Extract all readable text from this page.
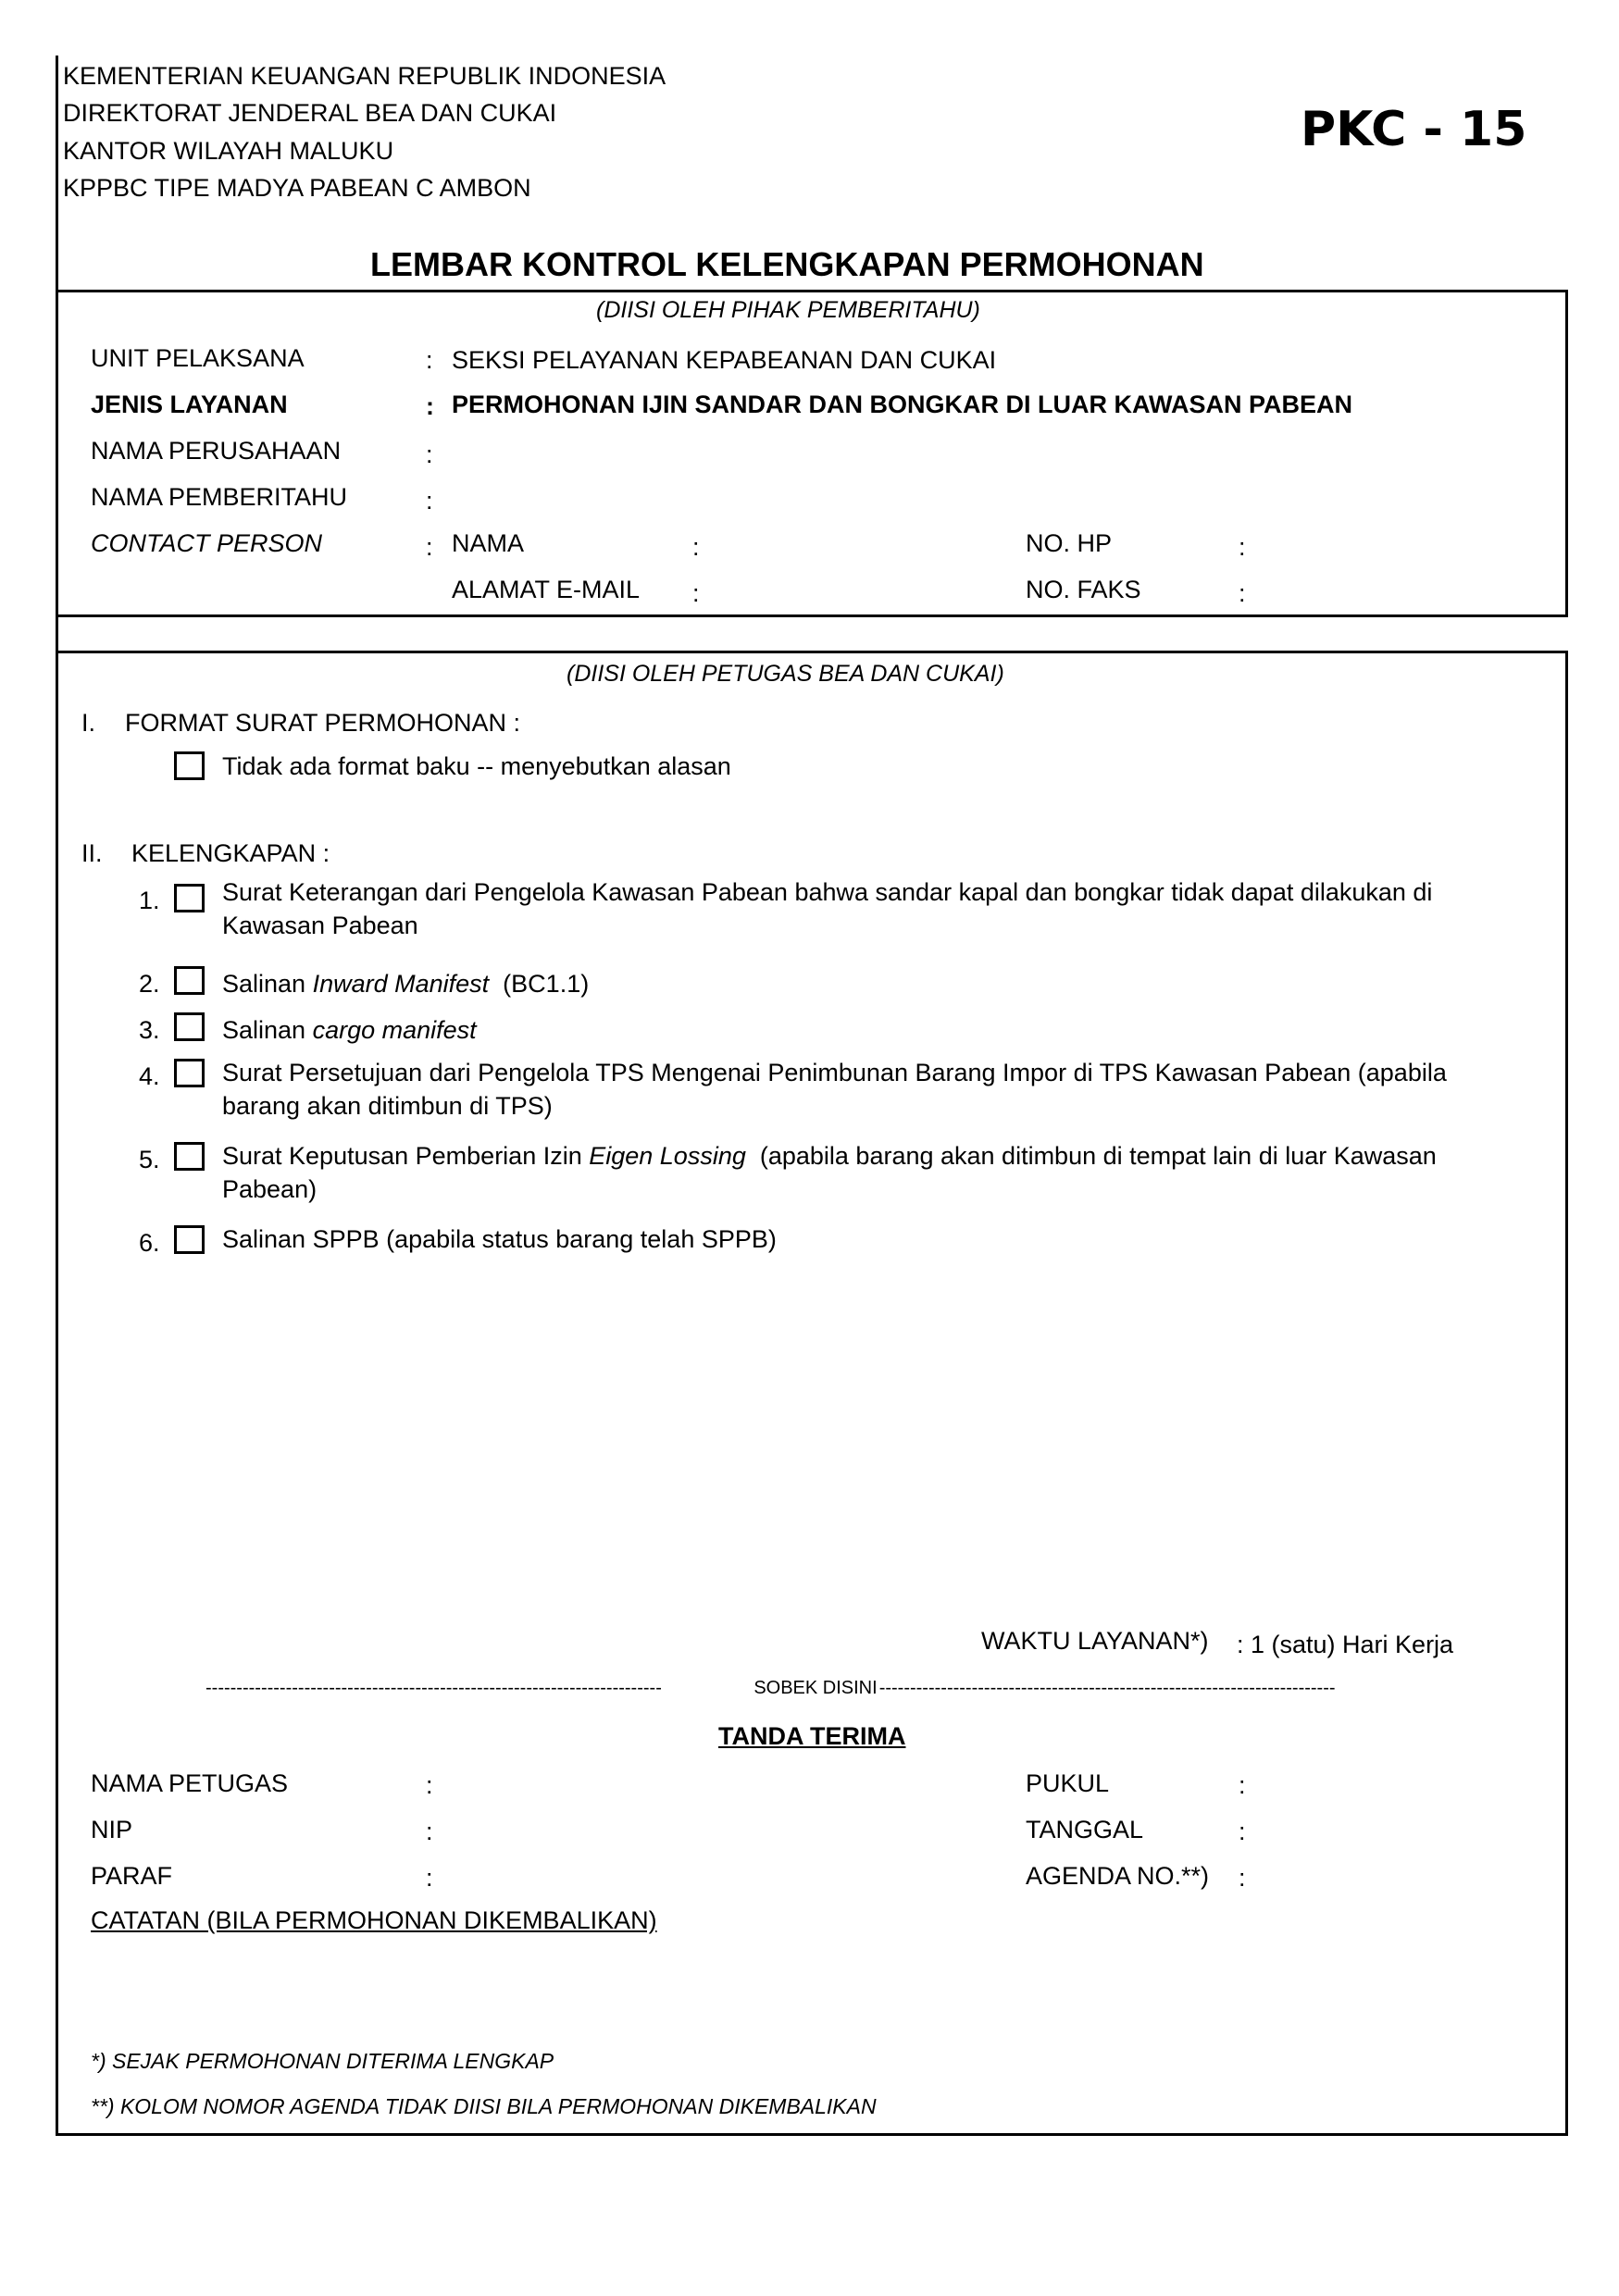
KEMENTERIAN KEUANGAN REPUBLIK INDONESIA
DIREKTORAT JENDERAL BEA DAN CUKAI
KANTOR WILAYAH MALUKU
KPPBC TIPE MADYA PABEAN C AMBON
PKC - 15
LEMBAR KONTROL KELENGKAPAN PERMOHONAN
(DIISI OLEH PIHAK PEMBERITAHU)
UNIT PELAKSANA	: SEKSI PELAYANAN KEPABEANAN DAN CUKAI
JENIS LAYANAN	: PERMOHONAN IJIN SANDAR DAN BONGKAR DI LUAR KAWASAN PABEAN
NAMA PERUSAHAAN	:
NAMA PEMBERITAHU	:
CONTACT PERSON	: NAMA	:	NO. HP	:
ALAMAT E-MAIL :	NO. FAKS	:
(DIISI OLEH PETUGAS BEA DAN CUKAI)
I. FORMAT SURAT PERMOHONAN :
Tidak ada format baku -- menyebutkan alasan
II. KELENGKAPAN :
1. Surat Keterangan dari Pengelola Kawasan Pabean bahwa sandar kapal dan bongkar tidak dapat dilakukan di Kawasan Pabean
2. Salinan Inward Manifest  (BC1.1)
3. Salinan cargo manifest
4. Surat Persetujuan dari Pengelola TPS Mengenai Penimbunan Barang Impor di TPS Kawasan Pabean (apabila barang akan ditimbun di TPS)
5. Surat Keputusan Pemberian Izin Eigen Lossing  (apabila barang akan ditimbun di tempat lain di luar Kawasan Pabean)
6. Salinan SPPB (apabila status barang telah SPPB)
WAKTU LAYANAN*) : 1 (satu) Hari Kerja
--------------------------------------------------------------------------	SOBEK DISINI --------------------------------------------------------------------------
TANDA TERIMA
NAMA PETUGAS	:	PUKUL	:
NIP	:	TANGGAL	:
PARAF	:	AGENDA NO.**) :
CATATAN (BILA PERMOHONAN DIKEMBALIKAN)
*) SEJAK PERMOHONAN DITERIMA LENGKAP
**) KOLOM NOMOR AGENDA TIDAK DIISI BILA PERMOHONAN DIKEMBALIKAN
